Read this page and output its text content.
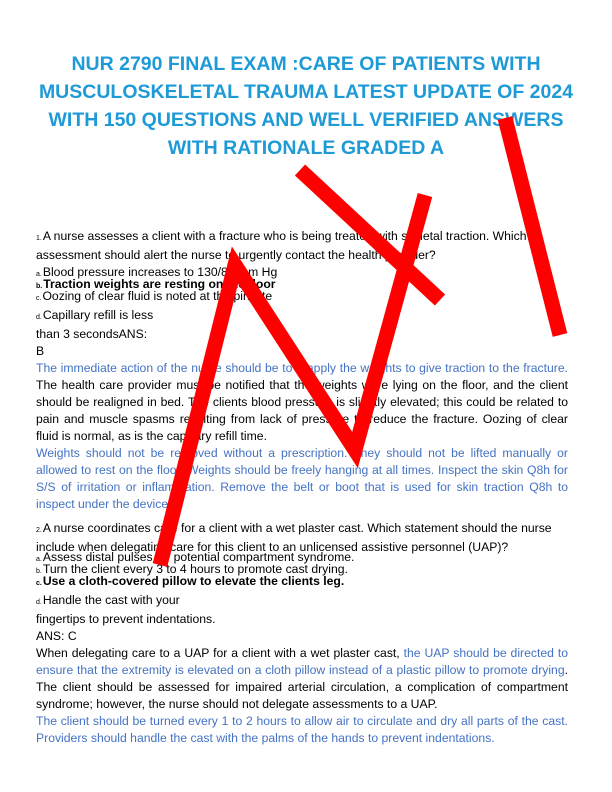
NUR 2790 FINAL EXAM :CARE OF PATIENTS WITH
MUSCULOSKELETAL TRAUMA LATEST UPDATE OF 2024
WITH 150 QUESTIONS AND WELL VERIFIED ANSWERS
WITH RATIONALE GRADED A

1.A nurse assesses a client with a fracture who is being treated with skeletal traction. Which assessment should alert the nurse to urgently contact the health provider?

a.Blood pressure increases to 130/86 mm Hg

b.Traction weights are resting on the floor

c.Oozing of clear fluid is noted at the pin site

d.Capillary refill is less

than 3 secondsANS:

B

The immediate action of the nurse should be to reapply the weights to give traction to the fracture. The health care provider must be notified that the weights were lying on the floor, and the client should be realigned in bed. The clients blood pressure is slightly elevated; this could be related to pain and muscle spasms resulting from lack of pressure to reduce the fracture. Oozing of clear fluid is normal, as is the capillary refill time.

Weights should not be removed without a prescription. They should not be lifted manually or allowed to rest on the floor. Weights should be freely hanging at all times. Inspect the skin Q8h for S/S of irritation or inflammation. Remove the belt or boot that is used for skin traction Q8h to inspect under the device.

2.A nurse coordinates care for a client with a wet plaster cast. Which statement should the nurse include when delegating care for this client to an unlicensed assistive personnel (UAP)?

a.Assess distal pulses for potential compartment syndrome.

b.Turn the client every 3 to 4 hours to promote cast drying.

c.Use a cloth-covered pillow to elevate the clients leg.

d.Handle the cast with your

fingertips to prevent indentations.

ANS: C

When delegating care to a UAP for a client with a wet plaster cast, the UAP should be directed to ensure that the extremity is elevated on a cloth pillow instead of a plastic pillow to promote drying. The client should be assessed for impaired arterial circulation, a complication of compartment syndrome; however, the nurse should not delegate assessments to a UAP.

The client should be turned every 1 to 2 hours to allow air to circulate and dry all parts of the cast. Providers should handle the cast with the palms of the hands to prevent indentations.
